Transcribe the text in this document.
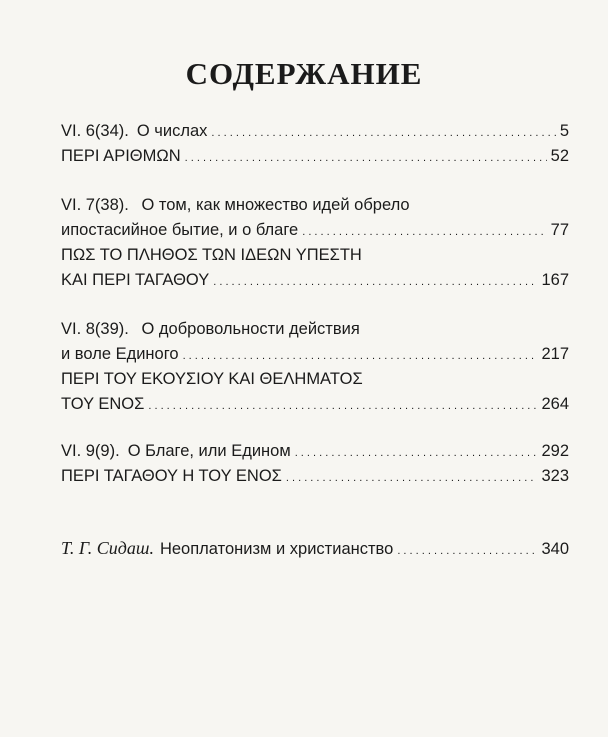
СОДЕРЖАНИЕ
VI. 6(34). О числах . . .	5
ΠΕΡΙ ΑΡΙΘΜΩΝ . . .	52
VI. 7(38). О том, как множество идей обрело
ипостасийное бытие, и о благе . . .	77
ΠΩΣ ΤΟ ΠΛΗΘΟΣ ΤΩΝ ΙΔΕΩΝ ΥΠΕΣΤΗ
ΚΑΙ ΠΕΡΙ ΤΑΓΑΘΟΥ . . .	167
VI. 8(39). О добровольности действия
и воле Единого . . .	217
ΠΕΡΙ ΤΟΥ ΕΚΟΥΣΙΟΥ ΚΑΙ ΘΕΛΗΜΑΤΟΣ
ΤΟΥ ΕΝΟΣ . . .	264
VI. 9(9). О Благе, или Едином . . .	292
ΠΕΡΙ ΤΑΓΑΘΟΥ Η ΤΟΥ ΕΝΟΣ . . .	323
Т. Г. Сидаш. Неоплатонизм и христианство . . .	340
